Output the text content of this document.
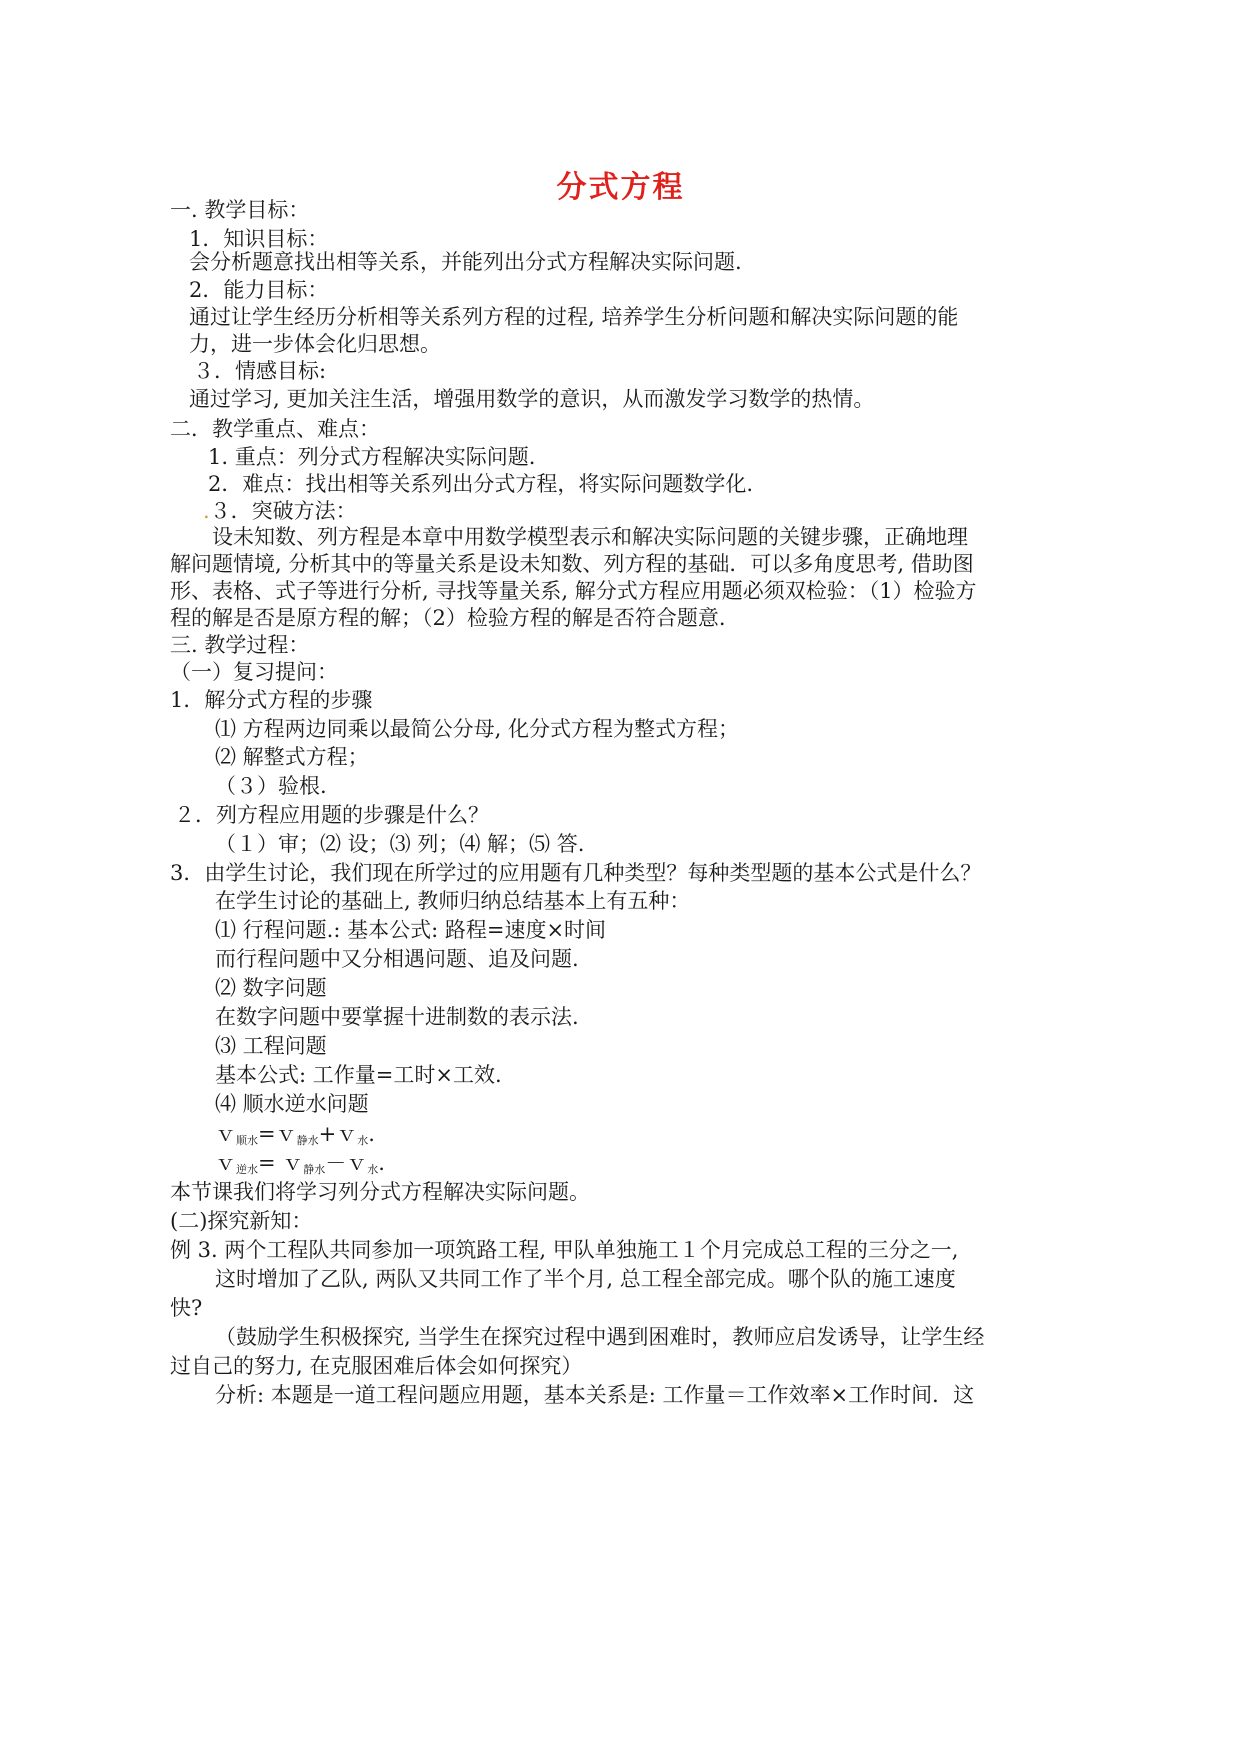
分式方程
一. 教学目标：
1．知识目标：
会分析题意找出相等关系，并能列出分式方程解决实际问题.
2．能力目标：
通过让学生经历分析相等关系列方程的过程, 培养学生分析问题和解决实际问题的能
力，进一步体会化归思想。
３．情感目标:
通过学习, 更加关注生活，增强用数学的意识，从而激发学习数学的热情。
二．教学重点、难点：
1. 重点：列分式方程解决实际问题.
2．难点：找出相等关系列出分式方程，将实际问题数学化.
.３．突破方法：
设未知数、列方程是本章中用数学模型表示和解决实际问题的关键步骤，正确地理
解问题情境, 分析其中的等量关系是设未知数、列方程的基础．可以多角度思考, 借助图
形、表格、式子等进行分析, 寻找等量关系, 解分式方程应用题必须双检验：（1）检验方
程的解是否是原方程的解；（2）检验方程的解是否符合题意.
三. 教学过程：
（一）复习提问：
1．解分式方程的步骤
⑴ 方程两边同乘以最简公分母, 化分式方程为整式方程；
⑵ 解整式方程；
（３）验根.
２．列方程应用题的步骤是什么？
（１）审；⑵ 设；⑶ 列；⑷ 解；⑸ 答.
3．由学生讨论，我们现在所学过的应用题有几种类型？每种类型题的基本公式是什么？
在学生讨论的基础上, 教师归纳总结基本上有五种：
⑴ 行程问题.: 基本公式: 路程=速度×时间
而行程问题中又分相遇问题、追及问题.
⑵ 数字问题
在数字问题中要掌握十进制数的表示法.
⑶ 工程问题
基本公式: 工作量=工时×工效.
⑷ 顺水逆水问题
ｖ顺水=ｖ静水+ｖ水.
ｖ逆水= ｖ静水－ｖ水.
本节课我们将学习列分式方程解决实际问题。
(二)探究新知：
例 3. 两个工程队共同参加一项筑路工程, 甲队单独施工１个月完成总工程的三分之一,
这时增加了乙队, 两队又共同工作了半个月, 总工程全部完成。哪个队的施工速度
快?
（鼓励学生积极探究, 当学生在探究过程中遇到困难时，教师应启发诱导，让学生经
过自己的努力, 在克服困难后体会如何探究）
分析: 本题是一道工程问题应用题，基本关系是: 工作量＝工作效率×工作时间．这
